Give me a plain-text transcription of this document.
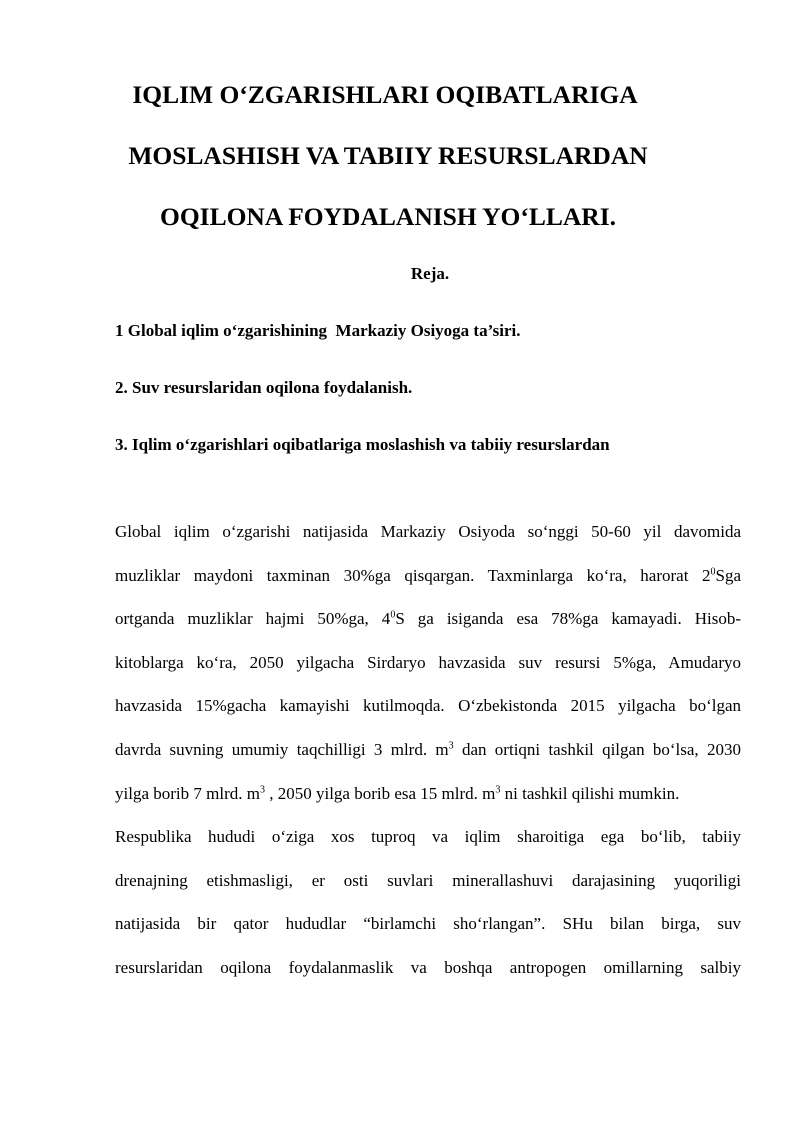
IQLIM O‘ZGARISHLARI OQIBATLARIGA
MOSLASHISH VA TABIIY RESURSLARDAN
OQILONA FOYDALANISH YO‘LLARI.

Reja.

1 Global iqlim o‘zgarishining  Markaziy Osiyoga ta’siri.

2. Suv resurslaridan oqilona foydalanish.

3. Iqlim o‘zgarishlari oqibatlariga moslashish va tabiiy resurslardan

Global iqlim o‘zgarishi natijasida Markaziy Osiyoda so‘nggi 50-60 yil davomida
muzliklar maydoni taxminan 30%ga qisqargan. Taxminlarga ko‘ra, harorat $2^0Sga$
ortganda muzliklar hajmi 50%ga, $4^0S$ ga isiganda esa 78%ga kamayadi. Hisob-
kitoblarga ko‘ra, 2050 yilgacha Sirdaryo havzasida suv resursi 5%ga, Amudaryo
havzasida 15%gacha kamayishi kutilmoqda. O‘zbekistonda 2015 yilgacha bo‘lgan
davrda suvning umumiy taqchilligi 3 mlrd. $m^3$ dan ortiqni tashkil qilgan bo‘lsa, 2030
yilga borib 7 mlrd. $m^3$ , 2050 yilga borib esa 15 mlrd. $m^3$ ni tashkil qilishi mumkin.
Respublika hududi o‘ziga xos tuproq va iqlim sharoitiga ega bo‘lib, tabiiy
drenajning etishmasligi, er osti suvlari minerallashuvi darajasining yuqoriligi
natijasida bir qator hududlar “birlamchi sho‘rlangan”. SHu bilan birga, suv
resurslaridan oqilona foydalanmaslik va boshqa antropogen omillarning salbiy
